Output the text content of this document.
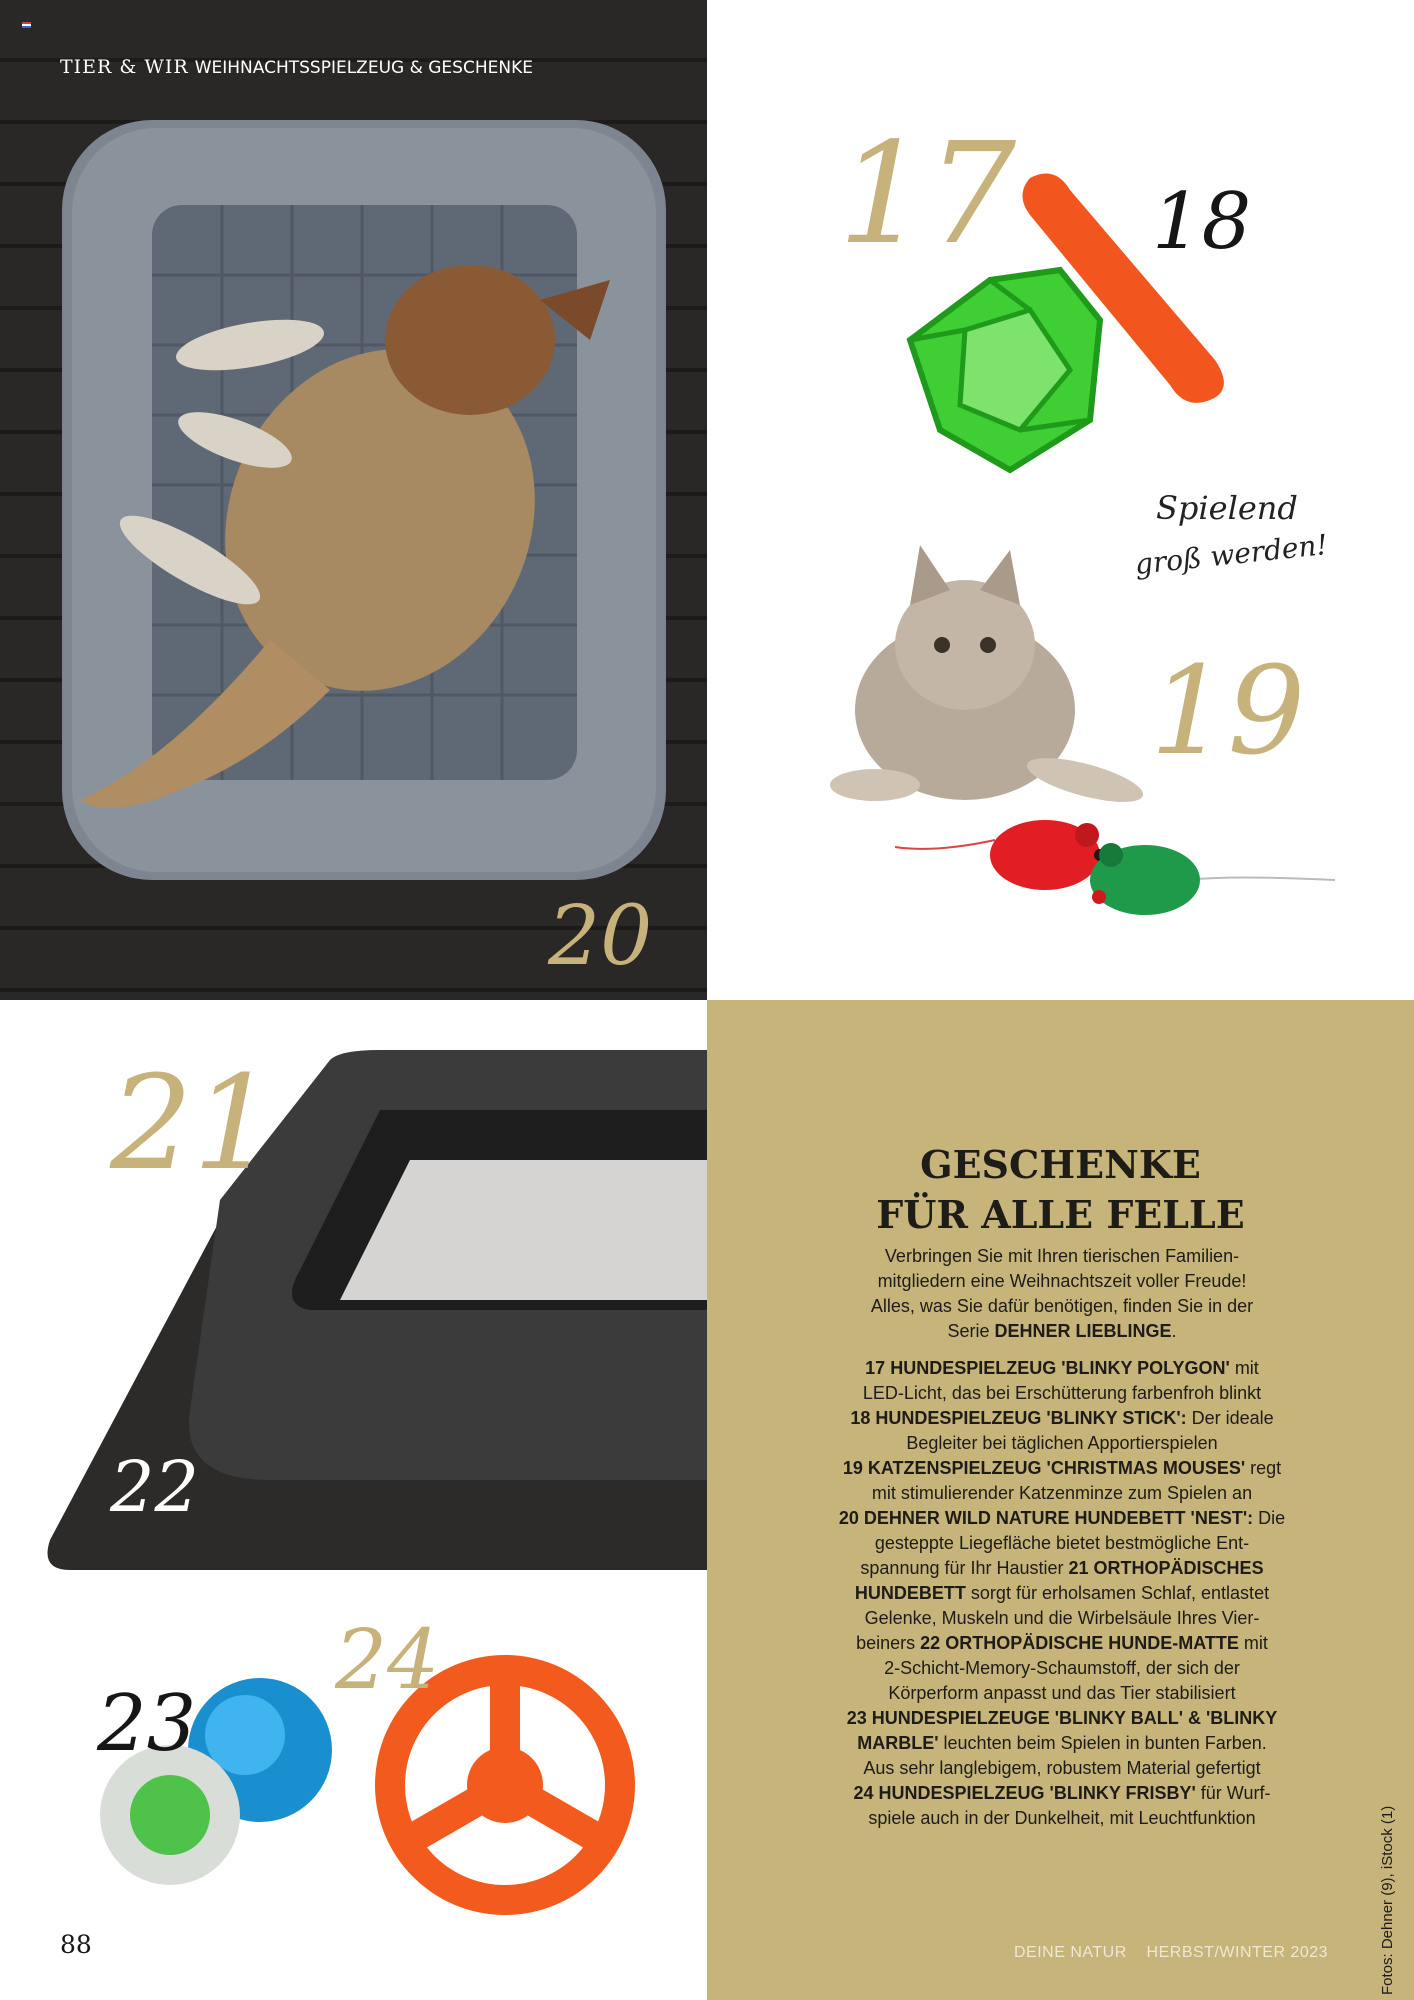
TIER & WIR WEIHNACHTSSPIELZEUG & GESCHENKE
20
17 18
Spielend
groß werden!
19
21
22
23
24
88
GESCHENKE
FÜR ALLE FELLE
Verbringen Sie mit Ihren tierischen Familien-
mitgliedern eine Weihnachtszeit voller Freude!
Alles, was Sie dafür benötigen, finden Sie in der
Serie DEHNER LIEBLINGE.
17 HUNDESPIELZEUG 'BLINKY POLYGON' mit
LED-Licht, das bei Erschütterung farbenfroh blinkt
18 HUNDESPIELZEUG 'BLINKY STICK': Der ideale
Begleiter bei täglichen Apportierspielen
19 KATZENSPIELZEUG 'CHRISTMAS MOUSES' regt
mit stimulierender Katzenminze zum Spielen an
20 DEHNER WILD NATURE HUNDEBETT 'NEST': Die
gesteppte Liegefläche bietet bestmögliche Ent-
spannung für Ihr Haustier 21 ORTHOPÄDISCHES
HUNDEBETT sorgt für erholsamen Schlaf, entlastet
Gelenke, Muskeln und die Wirbelsäule Ihres Vier-
beiners 22 ORTHOPÄDISCHE HUNDE-MATTE mit
2-Schicht-Memory-Schaumstoff, der sich der
Körperform anpasst und das Tier stabilisiert
23 HUNDESPIELZEUGE 'BLINKY BALL' & 'BLINKY
MARBLE' leuchten beim Spielen in bunten Farben.
Aus sehr langlebigem, robustem Material gefertigt
24 HUNDESPIELZEUG 'BLINKY FRISBY' für Wurf-
spiele auch in der Dunkelheit, mit Leuchtfunktion	Fotos: Dehner (9), iStock (1)
DEINE NATUR HERBST/WINTER 2023
